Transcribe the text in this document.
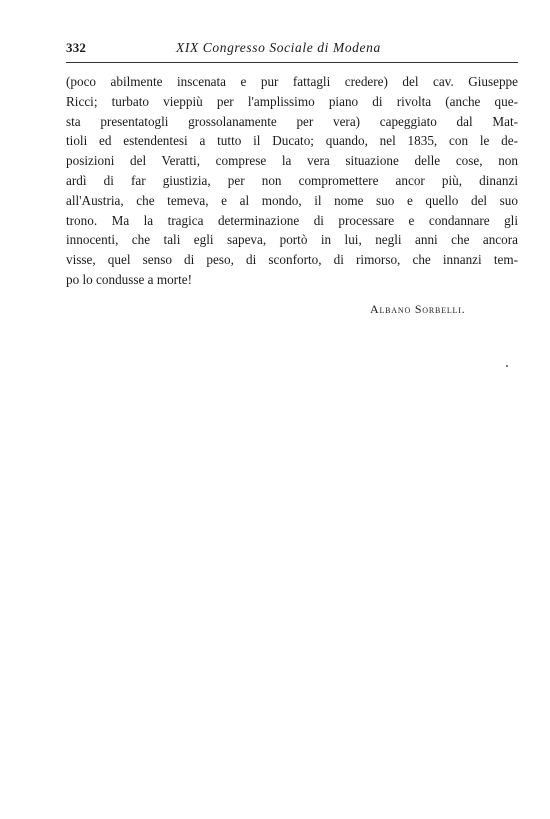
332	XIX Congresso Sociale di Modena
(poco abilmente inscenata e pur fattagli credere) del cav. Giuseppe
Ricci; turbato vieppiù per l'amplissimo piano di rivolta (anche que-
sta presentatogli grossolanamente per vera) capeggiato dal Mat-
tioli ed estendentesi a tutto il Ducato; quando, nel 1835, con le de-
posizioni del Veratti, comprese la vera situazione delle cose, non
ardì di far giustizia, per non compromettere ancor più, dinanzi
all'Austria, che temeva, e al mondo, il nome suo e quello del suo
trono. Ma la tragica determinazione di processare e condannare gli
innocenti, che tali egli sapeva, portò in lui, negli anni che ancora
visse, quel senso di peso, di sconforto, di rimorso, che innanzi tem-
po lo condusse a morte!
Albano Sorbelli.
